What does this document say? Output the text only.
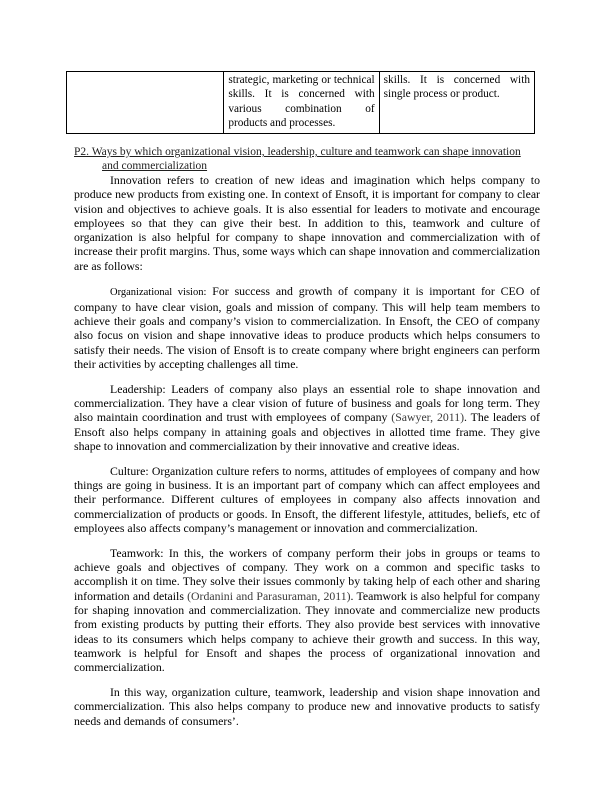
	strategic, marketing or technical skills. It is concerned with various combination of products and processes.	skills. It is concerned with single process or product.
P2. Ways by which organizational vision, leadership, culture and teamwork can shape innovation
and commercialization

Innovation refers to creation of new ideas and imagination which helps company to produce new products from existing one. In context of Ensoft, it is important for company to clear vision and objectives to achieve goals. It is also essential for leaders to motivate and encourage employees so that they can give their best. In addition to this, teamwork and culture of organization is also helpful for company to shape innovation and commercialization with of increase their profit margins. Thus, some ways which can shape innovation and commercialization are as follows:

Organizational vision: For success and growth of company it is important for CEO of company to have clear vision, goals and mission of company. This will help team members to achieve their goals and company’s vision to commercialization. In Ensoft, the CEO of company also focus on vision and shape innovative ideas to produce products which helps consumers to satisfy their needs. The vision of Ensoft is to create company where bright engineers can perform their activities by accepting challenges all time.

Leadership: Leaders of company also plays an essential role to shape innovation and commercialization. They have a clear vision of future of business and goals for long term. They also maintain coordination and trust with employees of company (Sawyer, 2011). The leaders of Ensoft also helps company in attaining goals and objectives in allotted time frame. They give shape to innovation and commercialization by their innovative and creative ideas.

Culture: Organization culture refers to norms, attitudes of employees of company and how things are going in business. It is an important part of company which can affect employees and their performance. Different cultures of employees in company also affects innovation and commercialization of products or goods. In Ensoft, the different lifestyle, attitudes, beliefs, etc of employees also affects company’s management or innovation and commercialization.

Teamwork: In this, the workers of company perform their jobs in groups or teams to achieve goals and objectives of company. They work on a common and specific tasks to accomplish it on time. They solve their issues commonly by taking help of each other and sharing information and details (Ordanini and Parasuraman, 2011). Teamwork is also helpful for company for shaping innovation and commercialization. They innovate and commercialize new products from existing products by putting their efforts. They also provide best services with innovative ideas to its consumers which helps company to achieve their growth and success. In this way, teamwork is helpful for Ensoft and shapes the process of organizational innovation and commercialization.

In this way, organization culture, teamwork, leadership and vision shape innovation and commercialization. This also helps company to produce new and innovative products to satisfy needs and demands of consumers’.
